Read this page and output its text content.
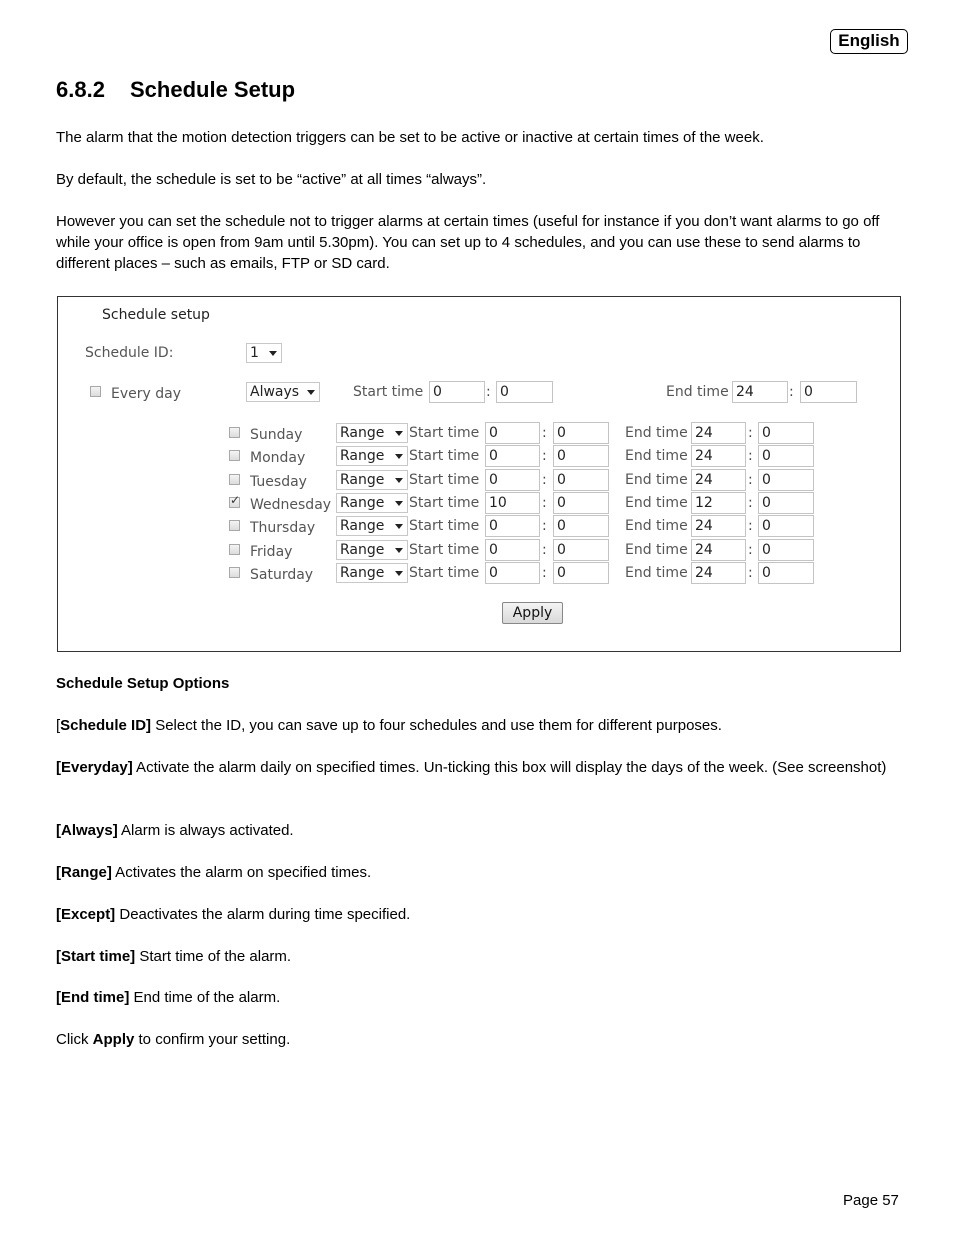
English
6.8.2 Schedule Setup
The alarm that the motion detection triggers can be set to be active or inactive at certain times of the week.
By default, the schedule is set to be “active” at all times “always”.
However you can set the schedule not to trigger alarms at certain times (useful for instance if you don’t want alarms to go off while your office is open from 9am until 5.30pm). You can set up to 4 schedules, and you can use these to send alarms to different places – such as emails, FTP or SD card.
Schedule setup
Schedule ID:	1
Every day	Always	Start time 0	: 0	End time 24	: 0
Sunday	Range	Start time 0	: 0	End time 24	: 0
Monday Range	Start time 0	: 0	End time 24	: 0
Tuesday Range	Start time 0	: 0	End time 24	: 0
✓
Wednesday Range	Start time 10	: 0	End time 12	: 0
Thursday Range	Start time 0	: 0	End time 24	: 0
Friday	Range	Start time 0	: 0	End time 24	: 0
Saturday Range	Start time 0	: 0	End time 24	: 0
Apply
Schedule Setup Options
[Schedule ID] Select the ID, you can save up to four schedules and use them for different purposes.
[Everyday] Activate the alarm daily on specified times. Un-ticking this box will display the days of the week. (See screenshot)
[Always] Alarm is always activated.
[Range] Activates the alarm on specified times.
[Except] Deactivates the alarm during time specified.
[Start time] Start time of the alarm.
[End time] End time of the alarm.
Click Apply to confirm your setting.
Page 57
